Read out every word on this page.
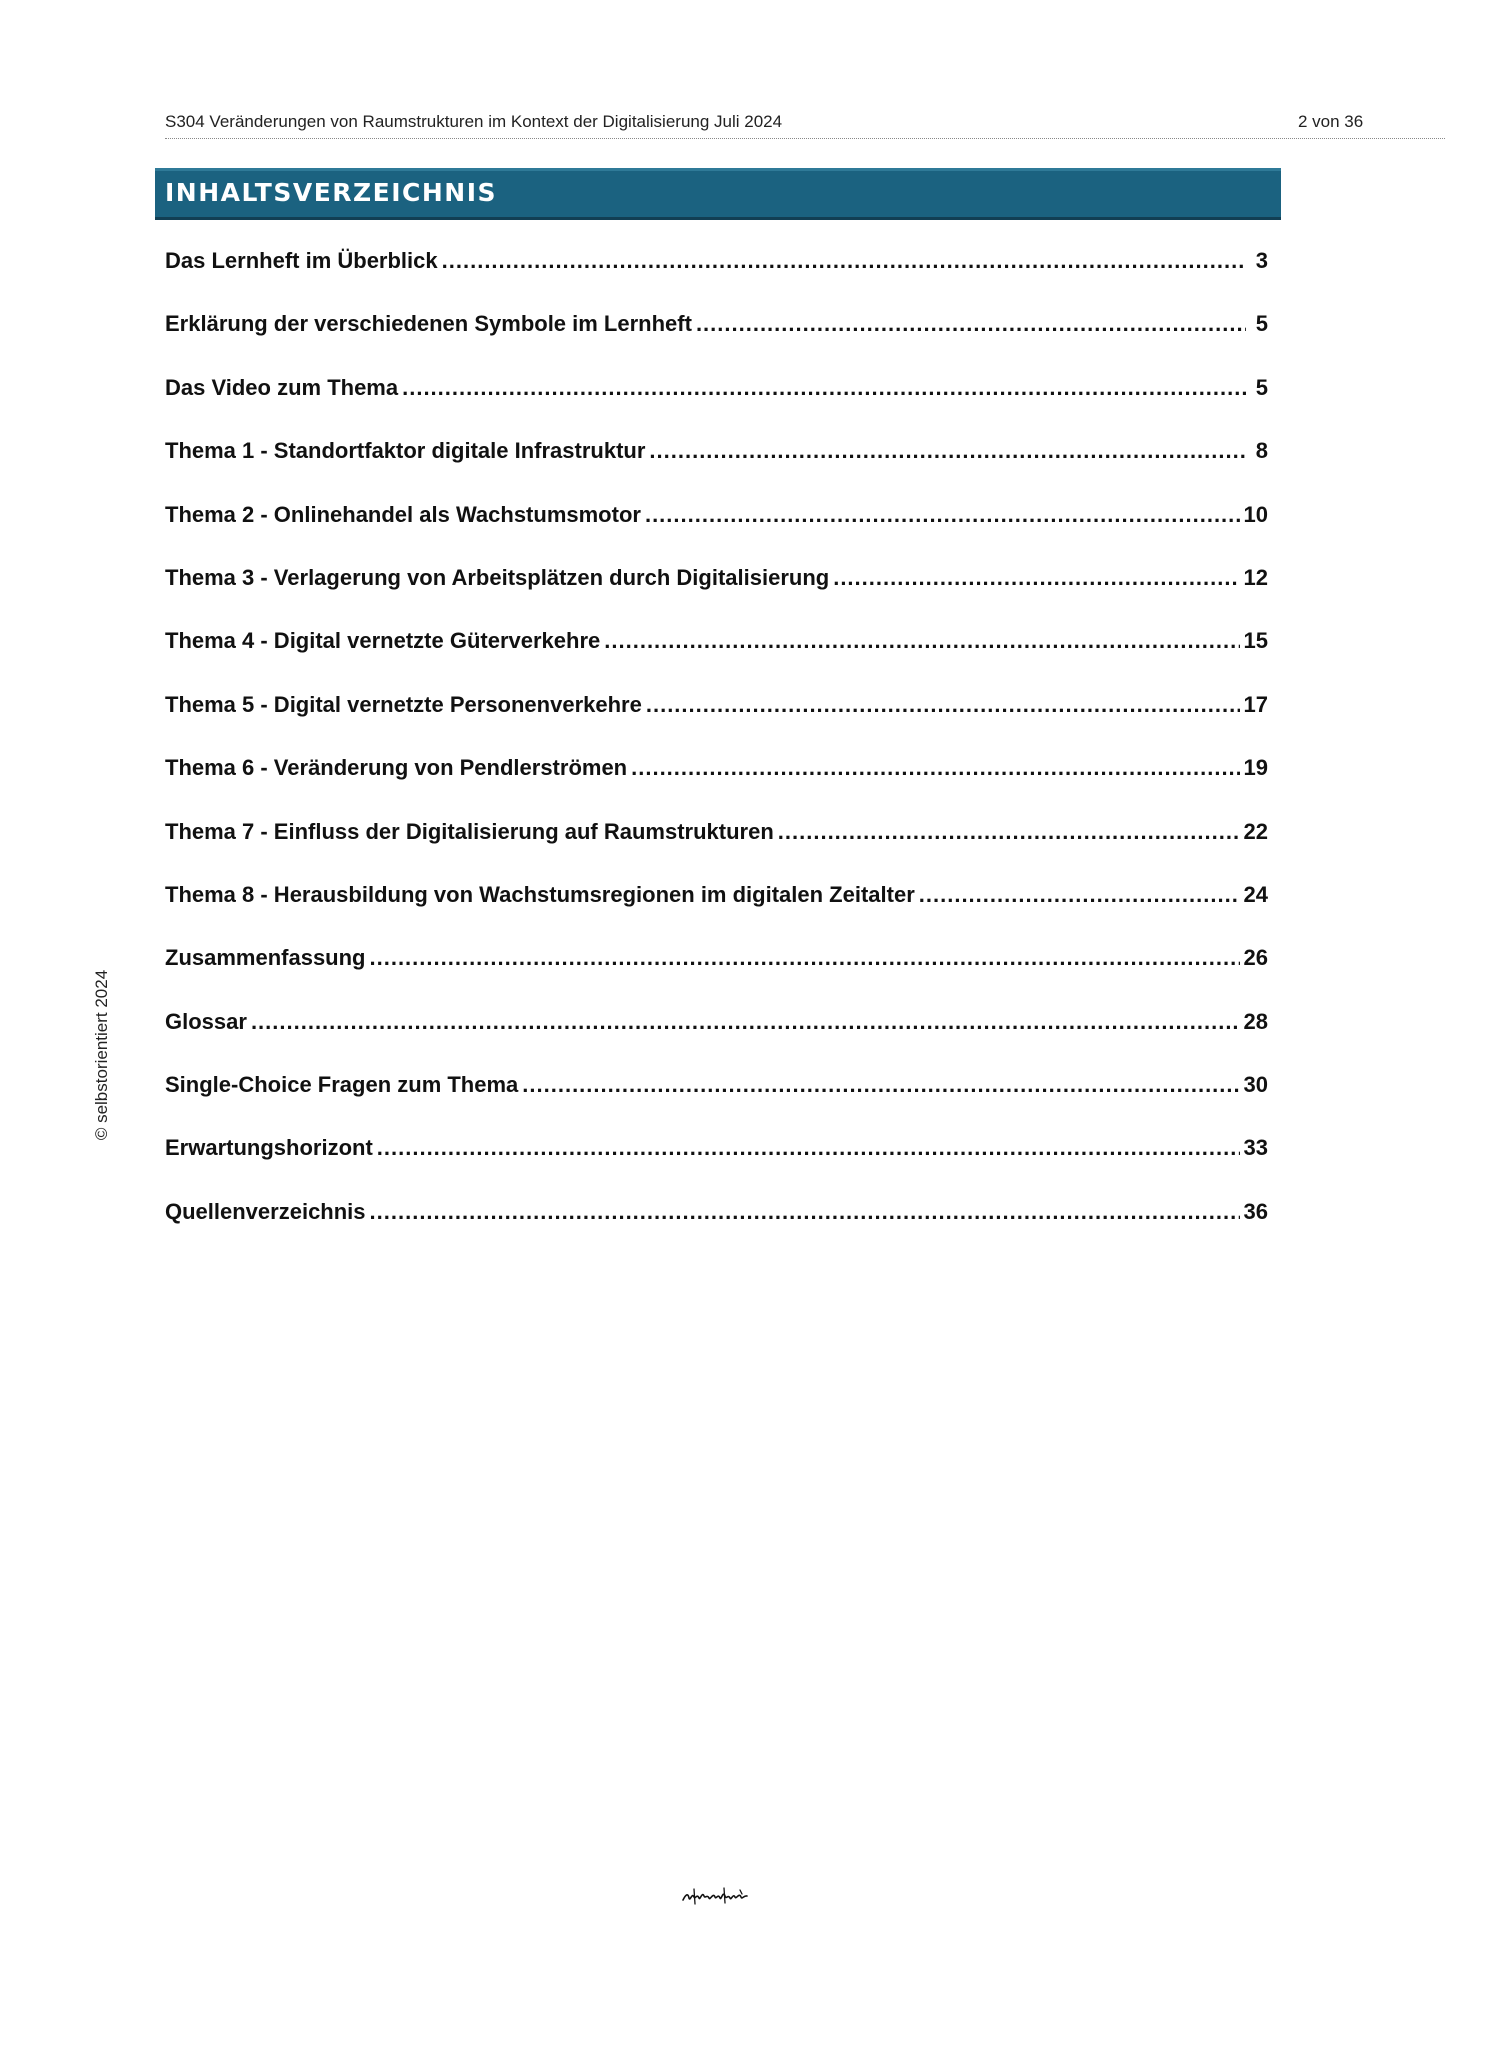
S304 Veränderungen von Raumstrukturen im Kontext der Digitalisierung Juli 2024	2 von 36
INHALTSVERZEICHNIS
Das Lernheft im Überblick .....	3
Erklärung der verschiedenen Symbole im Lernheft .....	5
Das Video zum Thema .....	5
Thema 1 - Standortfaktor digitale Infrastruktur .....	8
Thema 2 - Onlinehandel als Wachstumsmotor .....	10
Thema 3 - Verlagerung von Arbeitsplätzen durch Digitalisierung .....	12
Thema 4 - Digital vernetzte Güterverkehre .....	15
Thema 5 - Digital vernetzte Personenverkehre .....	17
Thema 6 - Veränderung von Pendlerströmen .....	19
Thema 7 - Einfluss der Digitalisierung auf Raumstrukturen .....	22
Thema 8 - Herausbildung von Wachstumsregionen im digitalen Zeitalter .....	24
Zusammenfassung .....	26
Glossar .....	28
Single-Choice Fragen zum Thema .....	30
Erwartungshorizont .....	33
Quellenverzeichnis .....	36
© selbstorientiert 2024
